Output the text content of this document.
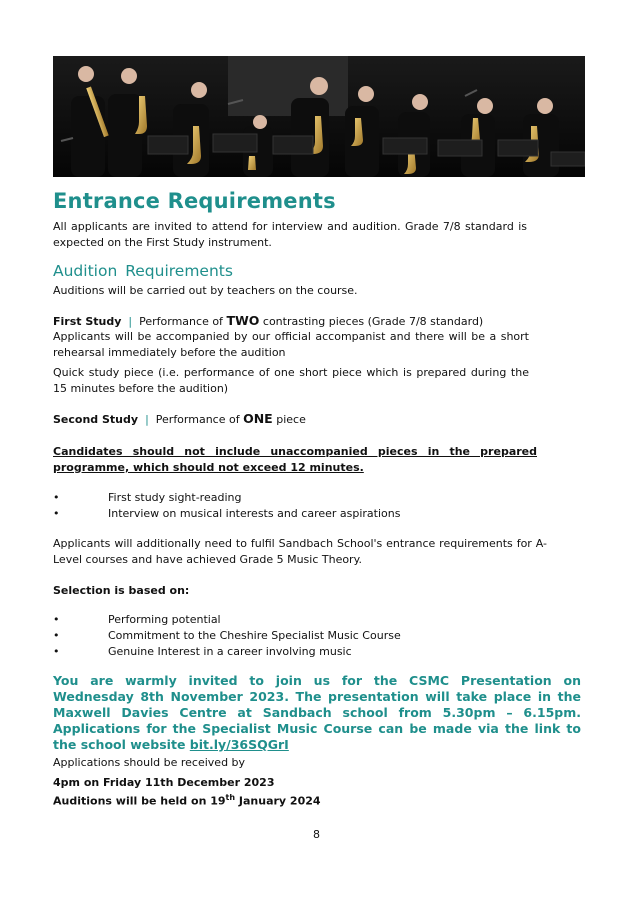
Entrance Requirements
All applicants are invited to attend for interview and audition. Grade 7/8 standard is expected on the First Study instrument.
Audition Requirements
Auditions will be carried out by teachers on the course.
First Study | Performance of TWO contrasting pieces (Grade 7/8 standard)
Applicants will be accompanied by our official accompanist and there will be a short rehearsal immediately before the audition
Quick study piece (i.e. performance of one short piece which is prepared during the 15 minutes before the audition)
Second Study | Performance of ONE piece
Candidates should not include unaccompanied pieces in the prepared programme, which should not exceed 12 minutes.
•	First study sight-reading
•	Interview on musical interests and career aspirations
Applicants will additionally need to fulfil Sandbach School's entrance requirements for A-Level courses and have achieved Grade 5 Music Theory.
Selection is based on:
•	Performing potential
•	Commitment to the Cheshire Specialist Music Course
•	Genuine Interest in a career involving music
You are warmly invited to join us for the CSMC Presentation on Wednesday 8th November 2023. The presentation will take place in the Maxwell Davies Centre at Sandbach school from 5.30pm – 6.15pm. Applications for the Specialist Music Course can be made via the link to the school website bit.ly/36SQGrI
Applications should be received by
4pm on Friday 11th December 2023
Auditions will be held on 19th January 2024
8
